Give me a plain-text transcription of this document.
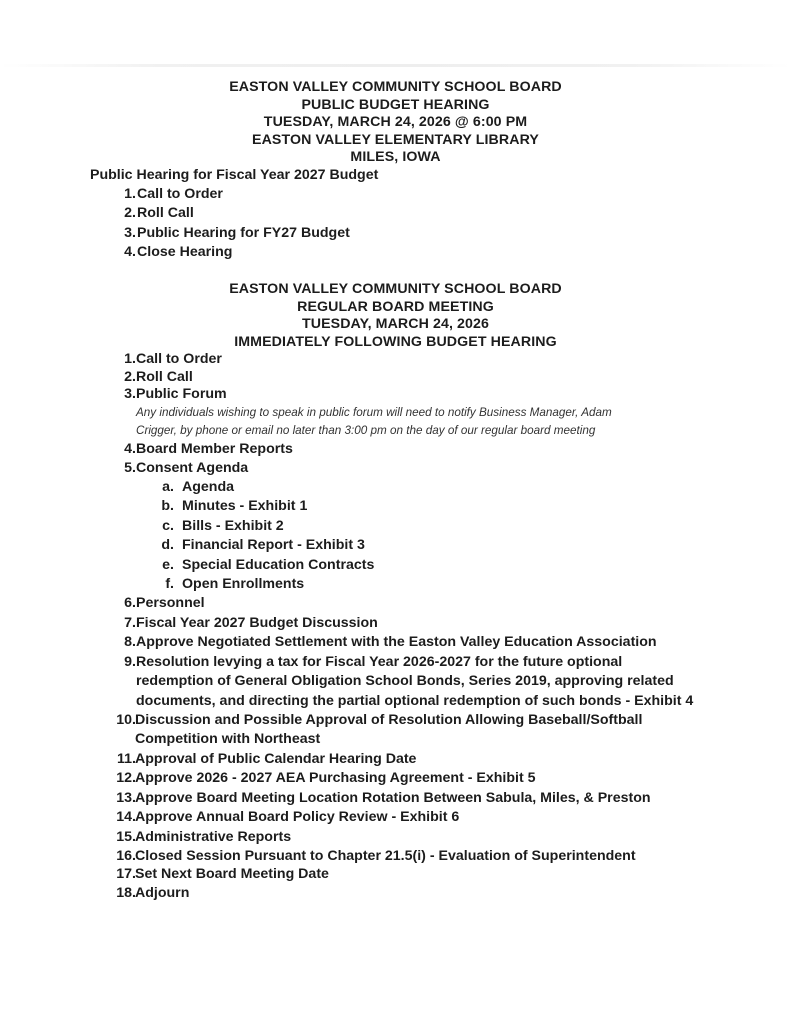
EASTON VALLEY COMMUNITY SCHOOL BOARD
PUBLIC BUDGET HEARING
TUESDAY, MARCH 24, 2026 @ 6:00 PM
EASTON VALLEY ELEMENTARY LIBRARY
MILES, IOWA
Public Hearing for Fiscal Year 2027 Budget
1. Call to Order
2. Roll Call
3. Public Hearing for FY27 Budget
4. Close Hearing
EASTON VALLEY COMMUNITY SCHOOL BOARD
REGULAR BOARD MEETING
TUESDAY, MARCH 24, 2026
IMMEDIATELY FOLLOWING BUDGET HEARING
1. Call to Order
2. Roll Call
3. Public Forum
Any individuals wishing to speak in public forum will need to notify Business Manager, Adam
Crigger, by phone or email no later than 3:00 pm on the day of our regular board meeting
4. Board Member Reports
5. Consent Agenda
a. Agenda
b. Minutes - Exhibit 1
c. Bills - Exhibit 2
d. Financial Report - Exhibit 3
e. Special Education Contracts
f. Open Enrollments
6. Personnel
7. Fiscal Year 2027 Budget Discussion
8. Approve Negotiated Settlement with the Easton Valley Education Association
9. Resolution levying a tax for Fiscal Year 2026-2027 for the future optional
redemption of General Obligation School Bonds, Series 2019, approving related
documents, and directing the partial optional redemption of such bonds - Exhibit 4
10. Discussion and Possible Approval of Resolution Allowing Baseball/Softball
Competition with Northeast
11. Approval of Public Calendar Hearing Date
12. Approve 2026 - 2027 AEA Purchasing Agreement - Exhibit 5
13. Approve Board Meeting Location Rotation Between Sabula, Miles, & Preston
14. Approve Annual Board Policy Review - Exhibit 6
15. Administrative Reports
16. Closed Session Pursuant to Chapter 21.5(i) - Evaluation of Superintendent
17. Set Next Board Meeting Date
18. Adjourn
